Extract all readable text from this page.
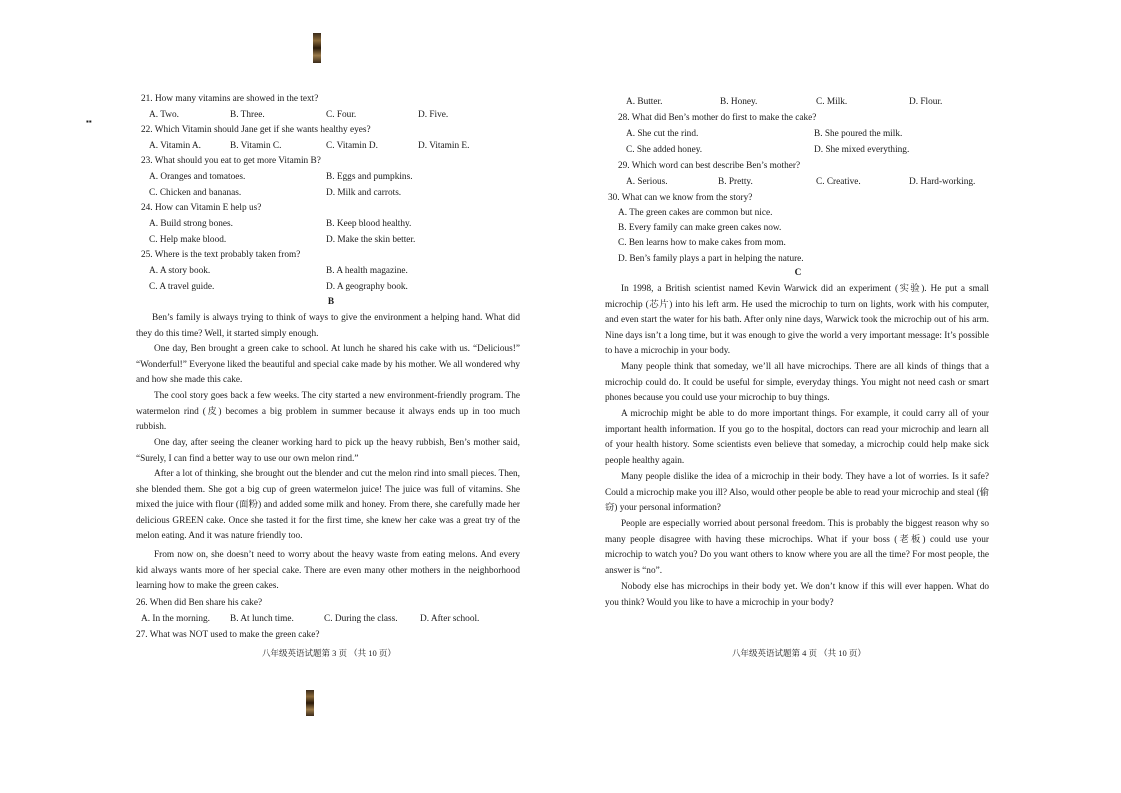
▪▪
21. How many vitamins are showed in the text?
A. Two.	B. Three.	C. Four.	D. Five.
22. Which Vitamin should Jane get if she wants healthy eyes?
A. Vitamin A.	B. Vitamin C.	C. Vitamin D.	D. Vitamin E.
23. What should you eat to get more Vitamin B?
A. Oranges and tomatoes.	B. Eggs and pumpkins.
C. Chicken and bananas.	D. Milk and carrots.
24. How can Vitamin E help us?
A. Build strong bones.	B. Keep blood healthy.
C. Help make blood.	D. Make the skin better.
25. Where is the text probably taken from?
A. A story book.	B. A health magazine.
C. A travel guide.	D. A geography book.
B
Ben’s family is always trying to think of ways to give the environment a helping hand. What did they do this time? Well, it started simply enough.
One day, Ben brought a green cake to school. At lunch he shared his cake with us. “Delicious!” “Wonderful!” Everyone liked the beautiful and special cake made by his mother. We all wondered why and how she made this cake.
The cool story goes back a few weeks. The city started a new environment-friendly program. The watermelon rind (皮) becomes a big problem in summer because it always ends up in too much rubbish.
One day, after seeing the cleaner working hard to pick up the heavy rubbish, Ben’s mother said, “Surely, I can find a better way to use our own melon rind.”
After a lot of thinking, she brought out the blender and cut the melon rind into small pieces. Then, she blended them. She got a big cup of green watermelon juice! The juice was full of vitamins. She mixed the juice with flour (面粉) and added some milk and honey. From there, she carefully made her delicious GREEN cake. Once she tasted it for the first time, she knew her cake was a great try of the melon eating. And it was nature friendly too.
From now on, she doesn’t need to worry about the heavy waste from eating melons. And every kid always wants more of her special cake. There are even many other mothers in the neighborhood learning how to make the green cakes.
26. When did Ben share his cake?
A. In the morning. B. At lunch time.	C. During the class. D. After school.
27. What was NOT used to make the green cake?
八年级英语试题第 3 页 （共 10 页）
A. Butter.	B. Honey.	C. Milk.	D. Flour.
28. What did Ben’s mother do first to make the cake?
A. She cut the rind.	B. She poured the milk.
C. She added honey.	D. She mixed everything.
29. Which word can best describe Ben’s mother?
A. Serious.	B. Pretty.	C. Creative.	D. Hard-working.
30. What can we know from the story?
A. The green cakes are common but nice.
B. Every family can make green cakes now.
C. Ben learns how to make cakes from mom.
D. Ben’s family plays a part in helping the nature.
C
In 1998, a British scientist named Kevin Warwick did an experiment (实验). He put a small microchip (芯片) into his left arm. He used the microchip to turn on lights, work with his computer, and even start the water for his bath. After only nine days, Warwick took the microchip out of his arm. Nine days isn’t a long time, but it was enough to give the world a very important message: It’s possible to have a microchip in your body.
Many people think that someday, we’ll all have microchips. There are all kinds of things that a microchip could do. It could be useful for simple, everyday things. You might not need cash or smart phones because you could use your microchip to buy things.
A microchip might be able to do more important things. For example, it could carry all of your important health information. If you go to the hospital, doctors can read your microchip and learn all of your health history. Some scientists even believe that someday, a microchip could help make sick people healthy again.
Many people dislike the idea of a microchip in their body. They have a lot of worries. Is it safe? Could a microchip make you ill? Also, would other people be able to read your microchip and steal (偷窃) your personal information?
People are especially worried about personal freedom. This is probably the biggest reason why so many people disagree with having these microchips. What if your boss (老板) could use your microchip to watch you? Do you want others to know where you are all the time? For most people, the answer is “no”.
Nobody else has microchips in their body yet. We don’t know if this will ever happen. What do you think? Would you like to have a microchip in your body?
八年级英语试题第 4 页 （共 10 页）
